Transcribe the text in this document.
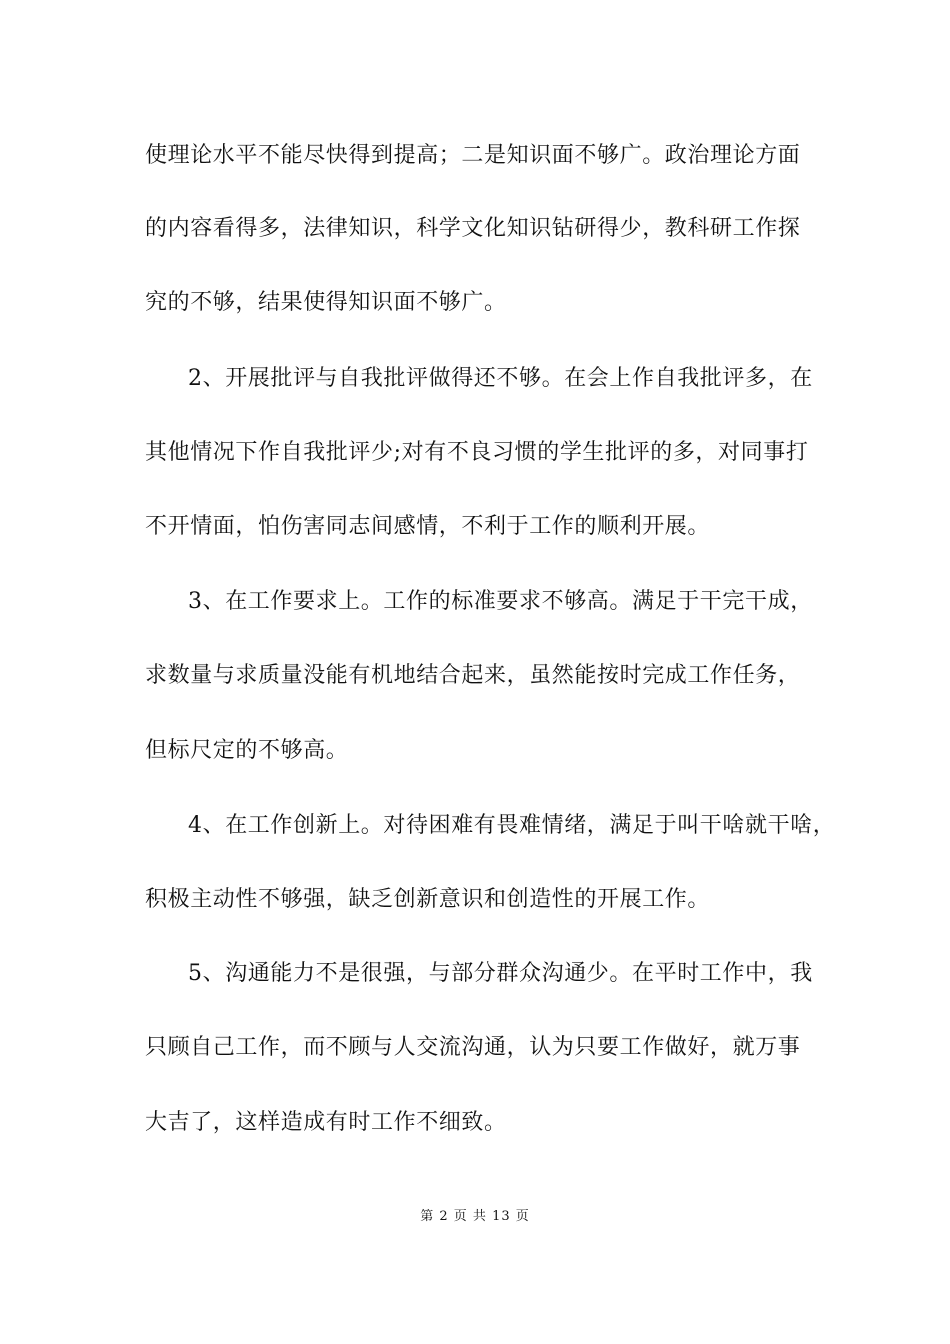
使理论水平不能尽快得到提高；二是知识面不够广。政治理论方面
的内容看得多，法律知识，科学文化知识钻研得少，教科研工作探
究的不够，结果使得知识面不够广。
2、开展批评与自我批评做得还不够。在会上作自我批评多，在
其他情况下作自我批评少;对有不良习惯的学生批评的多，对同事打
不开情面，怕伤害同志间感情，不利于工作的顺利开展。
3、在工作要求上。工作的标准要求不够高。满足于干完干成，
求数量与求质量没能有机地结合起来，虽然能按时完成工作任务，
但标尺定的不够高。
4、在工作创新上。对待困难有畏难情绪，满足于叫干啥就干啥，
积极主动性不够强，缺乏创新意识和创造性的开展工作。
5、沟通能力不是很强，与部分群众沟通少。在平时工作中，我
只顾自己工作，而不顾与人交流沟通，认为只要工作做好，就万事
大吉了，这样造成有时工作不细致。
第 2 页 共 13 页
